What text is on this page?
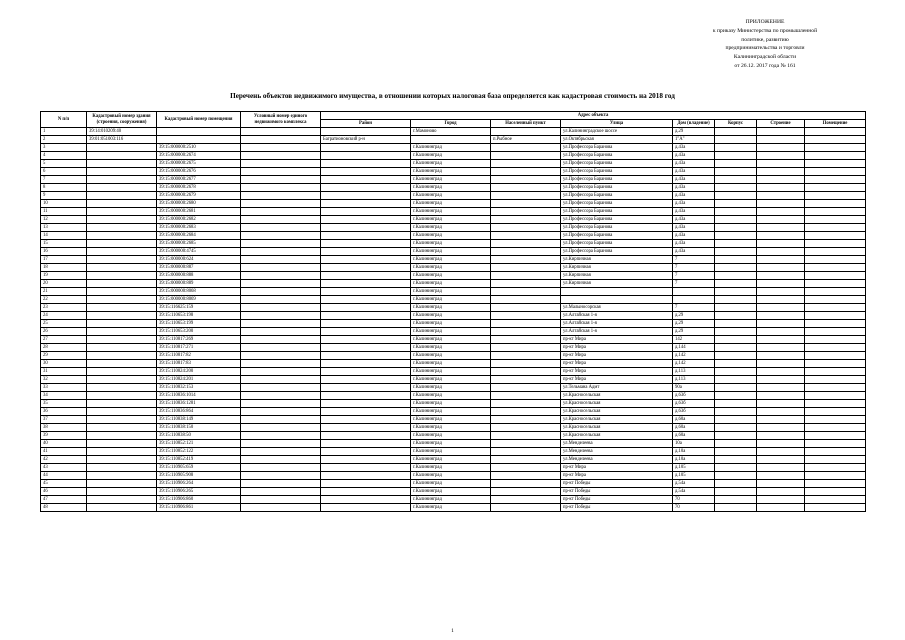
ПРИЛОЖЕНИЕ
к приказу Министерства по промышленной
политике, развитию
предпринимательства и торговли
Калининградской области
от 26.12. 2017 года № 161
Перечень объектов недвижимого имущества, в отношении которых налоговая база определяется как кадастровая стоимость на 2018 год
N п/п	Кадастровый номер здания (строения, сооружения)	Кадастровый номер помещения	Условный номер единого недвижимого комплекса	Адрес объекта							
				Район	Город	Населенный пункт	Улица	Дом (владение)	Корпус	Строение	Помещение
1	39:14:010209:40				г.Мамоново		ул.Калининградское шоссе	д.29			
2	39:01:051003:116			Багратионовский р-н		п.Рыбное	ул.Октябрьская	1"А"			
3		39:15:000000:2510			г.Калининград		ул.Профессора Баранова	д.43а			
4		39:15:000000:2674			г.Калининград		ул.Профессора Баранова	д.43а			
5		39:15:000000:2675			г.Калининград		ул.Профессора Баранова	д.43а			
6		39:15:000000:2676			г.Калининград		ул.Профессора Баранова	д.43а			
7		39:15:000000:2677			г.Калининград		ул.Профессора Баранова	д.43а			
8		39:15:000000:2678			г.Калининград		ул.Профессора Баранова	д.43а			
9		39:15:000000:2679			г.Калининград		ул.Профессора Баранова	д.43а			
10		39:15:000000:2680			г.Калининград		ул.Профессора Баранова	д.43а			
11		39:15:000000:2681			г.Калининград		ул.Профессора Баранова	д.43а			
12		39:15:000000:2682			г.Калининград		ул.Профессора Баранова	д.43а			
13		39:15:000000:2683			г.Калининград		ул.Профессора Баранова	д.43а			
14		39:15:000000:2684			г.Калининград		ул.Профессора Баранова	д.43а			
15		39:15:000000:2685			г.Калининград		ул.Профессора Баранова	д.43а			
16		39:15:000000:4745			г.Калининград		ул.Профессора Баранова	д.43а			
17		39:15:000000:624			г.Калининград		ул.Кирпичная	7			
18		39:15:000000:887			г.Калининград		ул.Кирпичная	7			
19		39:15:000000:888			г.Калининград		ул.Кирпичная	7			
20		39:15:000000:889			г.Калининград		ул.Кирпичная	7			
21		39:15:000000:8068			г.Калининград						
22		39:15:000000:8069			г.Калининград						
23		39:15:116625:159			г.Калининград		ул.Малыносорская	7			
24		39:15:110653:198			г.Калининград		ул.Алтайская 1-я	д.29			
25		39:15:110653:199			г.Калининград		ул.Алтайская 1-я	д.29			
26		39:15:110653:200			г.Калининград		ул.Алтайская 1-я	д.29			
27		39:15:110817:269			г.Калининград		пр-кт Мира	142			
28		39:15:110817:271			г.Калининград		пр-кт Мира	д.144			
29		39:15:110817:82			г.Калининград		пр-кт Мира	д.142			
30		39:15:110817:83			г.Калининград		пр-кт Мира	д.142			
31		39:15:110824:200			г.Калининград		пр-кт Мира	д.113			
32		39:15:110824:201			г.Калининград		пр-кт Мира	д.113			
33		39:15:110832:153			г.Калининград		ул.Тельмана Адмт	90а			
34		39:15:110836:1014			г.Калининград		ул.Красносельская	д.63б			
35		39:15:110836:1281			г.Калининград		ул.Красносельская	д.63б			
36		39:15:110836:864			г.Калининград		ул.Красносельская	д.63б			
37		39:15:110838:149			г.Калининград		ул.Красносельская	д.60а			
38		39:15:110838:150			г.Калининград		ул.Красносельская	д.60а			
39		39:15:110838:50			г.Калининград		ул.Красносельская	д.60а			
40		39:15:110852:121			г.Калининград		ул.Менделеева	10а			
41		39:15:110852:122			г.Калининград		ул.Менделеева	д.10а			
42		39:15:110852:419			г.Калининград		ул.Менделеева	д.10а			
43		39:15:110905:659			г.Калининград		пр-кт Мира	д.105			
44		39:15:110905:908			г.Калининград		пр-кт Мира	д.105			
45		39:15:110906:264			г.Калининград		пр-кт Победы	д.54а			
46		39:15:110906:265			г.Калининград		пр-кт Победы	д.54а			
47		39:15:110906:860			г.Калининград		пр-кт Победы	70			
48		39:15:110906:861			г.Калининград		пр-кт Победы	70			
1
